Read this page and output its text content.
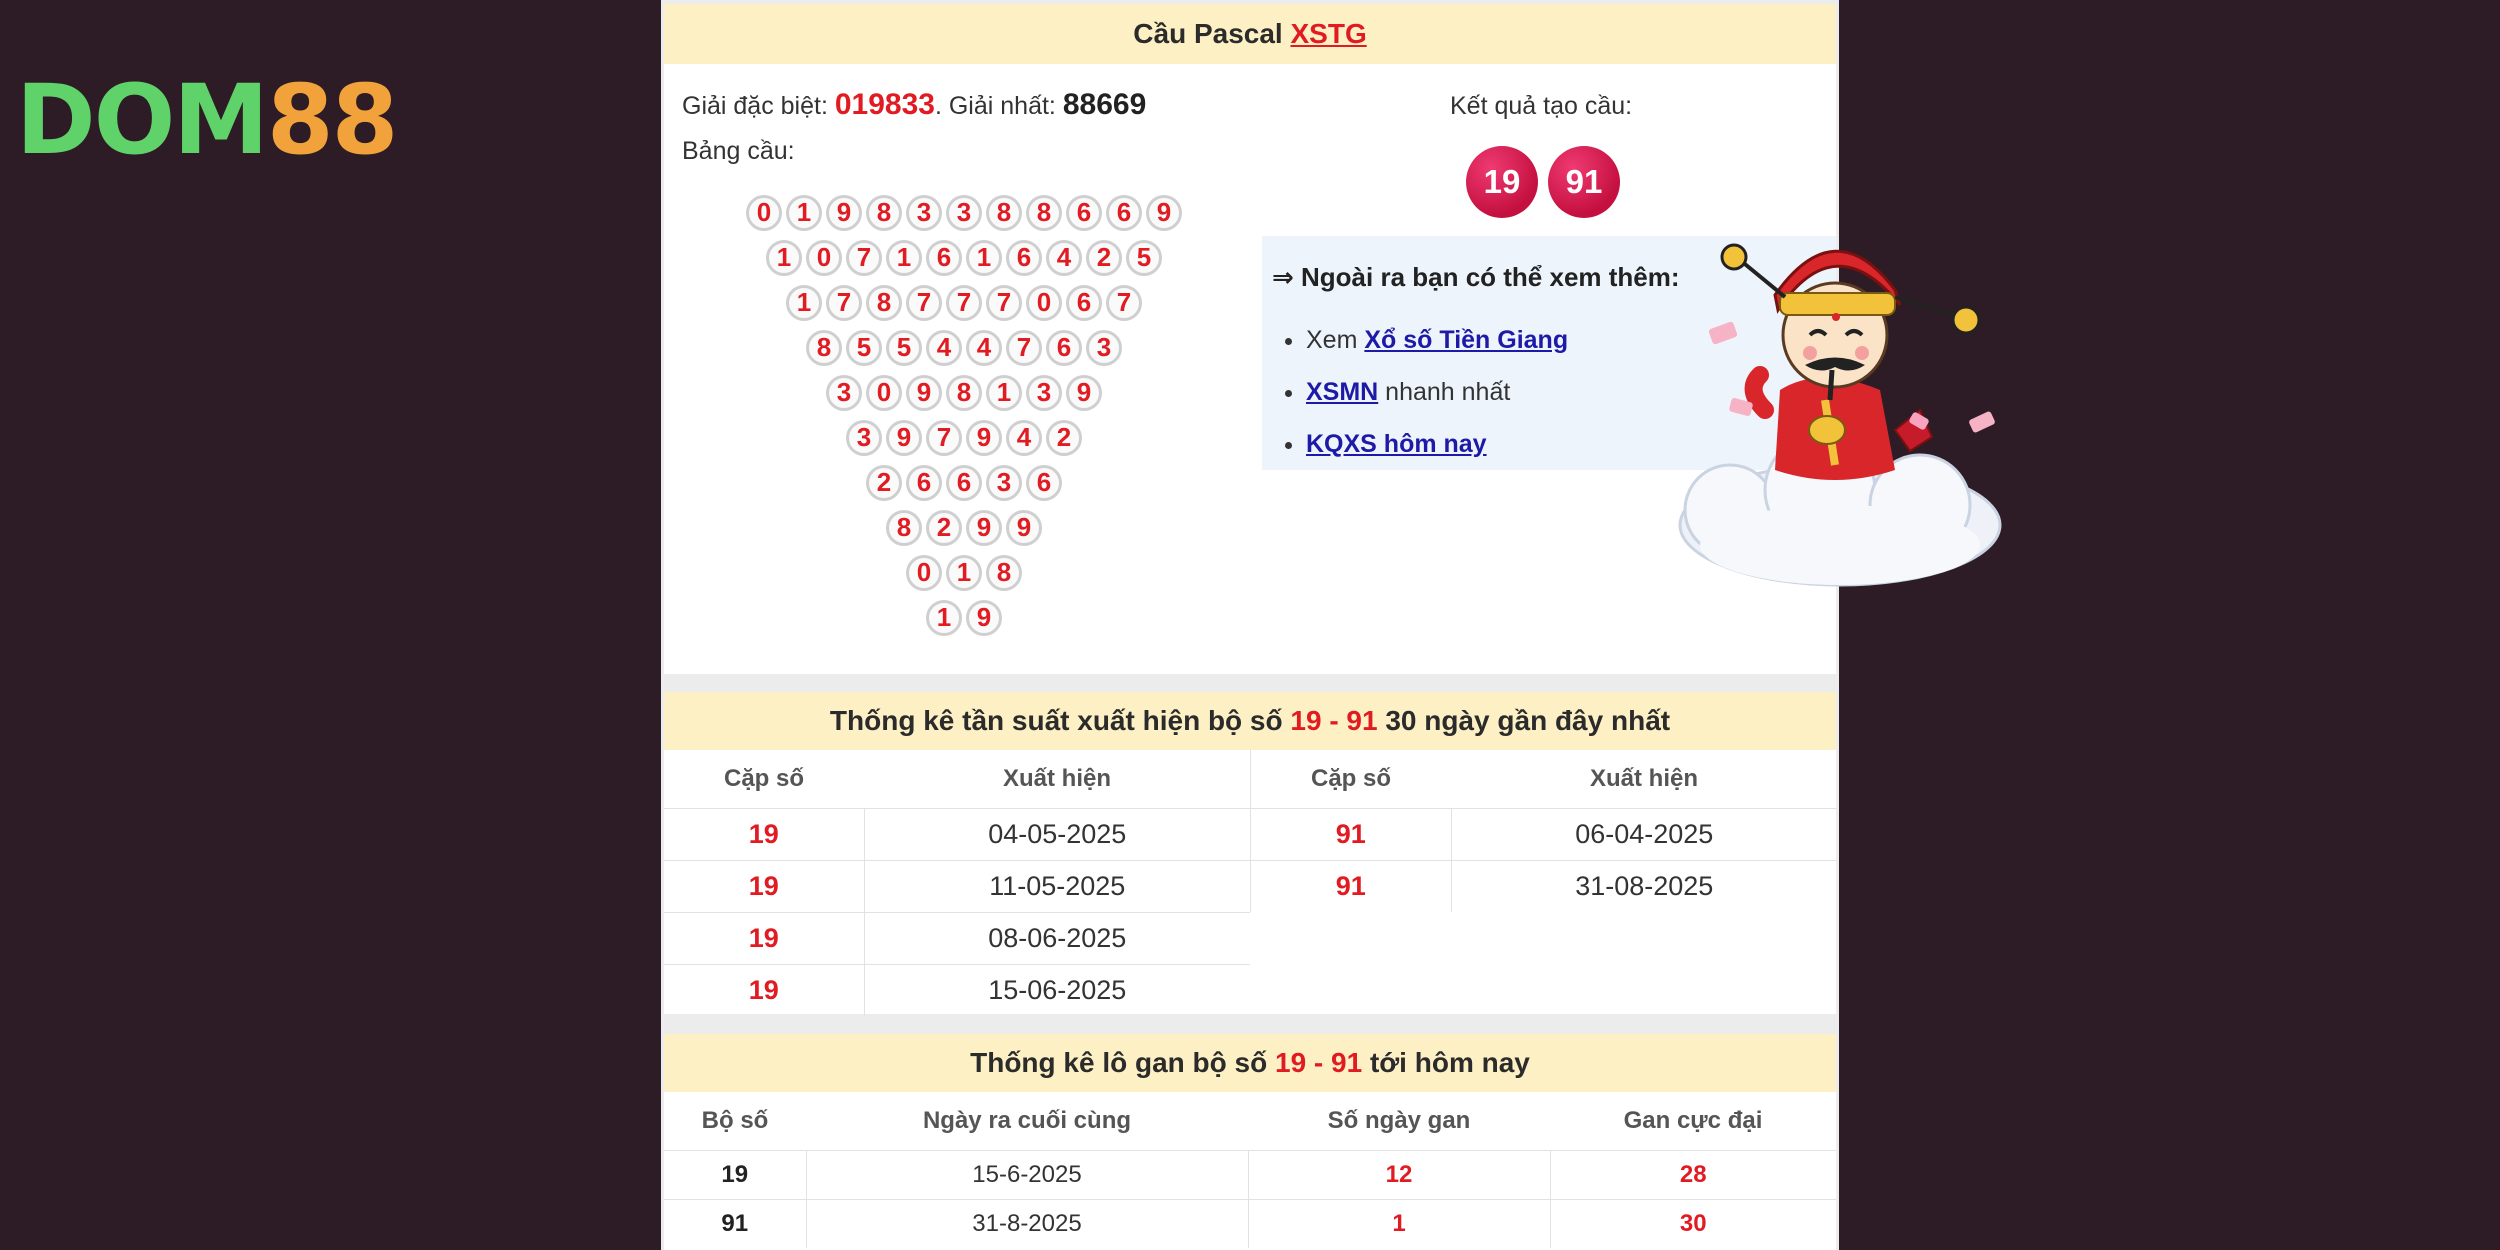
DOM88
Cầu Pascal
XSTG
Giải đặc biệt: 019833. Giải nhất: 88669
Bảng cầu:
Kết quả tạo cầu:
19	91
0 1 9 8 3 3 8 8 6 6 9
1 0 7 1 6 1 6 4 2 5
1 7 8 7 7 7 0 6 7
8 5 5 4 4 7 6 3
3 0 9 8 1 3 9
3 9 7 9 4 2
2 6 6 3 6
8 2 9 9
0 1 8
1 9
⇒ Ngoài ra bạn có thể xem thêm:
• Xem Xổ số Tiền Giang
• XSMN nhanh nhất
• KQXS hôm nay
Thống kê tần suất xuất hiện bộ số
19 - 91
30 ngày gần đây nhất
Cặp số	Xuất hiện
19	04-05-2025
19	11-05-2025
19	08-06-2025
19	15-06-2025
Cặp số	Xuất hiện
91	06-04-2025
91	31-08-2025
Thống kê lô gan bộ số
19 - 91
tới hôm nay
Bộ số	Ngày ra cuối cùng	Số ngày gan	Gan cực đại
19	15-6-2025	12	28
91	31-8-2025	1	30
